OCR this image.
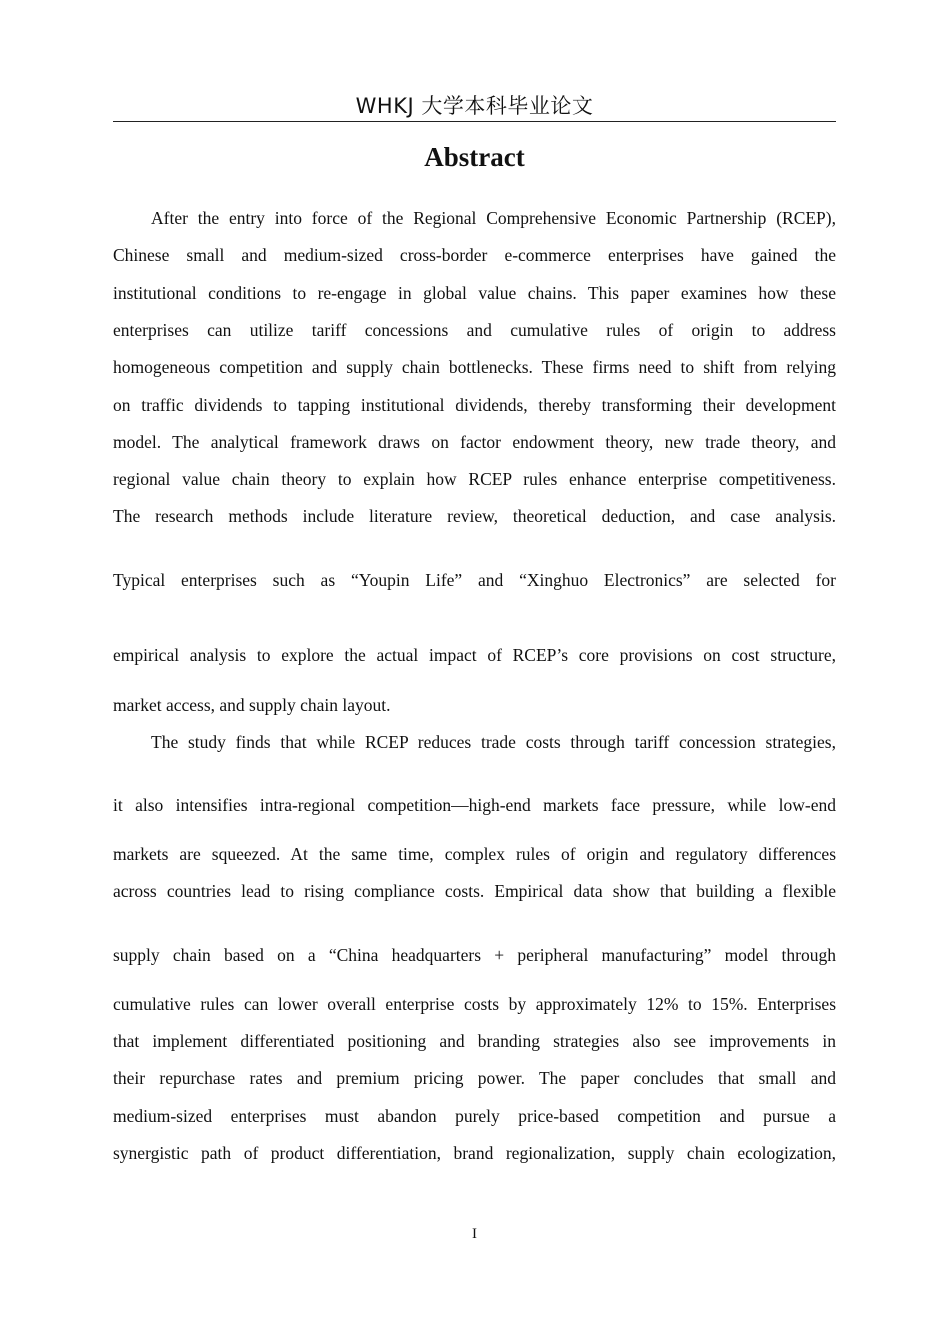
WHKJ 大学本科毕业论文
Abstract
After the entry into force of the Regional Comprehensive Economic Partnership (RCEP),
Chinese small and medium-sized cross-border e-commerce enterprises have gained the
institutional conditions to re-engage in global value chains. This paper examines how these
enterprises can utilize tariff concessions and cumulative rules of origin to address
homogeneous competition and supply chain bottlenecks. These firms need to shift from relying
on traffic dividends to tapping institutional dividends, thereby transforming their development
model. The analytical framework draws on factor endowment theory, new trade theory, and
regional value chain theory to explain how RCEP rules enhance enterprise competitiveness.
The research methods include literature review, theoretical deduction, and case analysis.
Typical enterprises such as “Youpin Life” and “Xinghuo Electronics” are selected for
empirical analysis to explore the actual impact of RCEP’s core provisions on cost structure,
market access, and supply chain layout.
The study finds that while RCEP reduces trade costs through tariff concession strategies,
it also intensifies intra-regional competition—high-end markets face pressure, while low-end
markets are squeezed. At the same time, complex rules of origin and regulatory differences
across countries lead to rising compliance costs. Empirical data show that building a flexible
supply chain based on a “China headquarters + peripheral manufacturing” model through
cumulative rules can lower overall enterprise costs by approximately 12% to 15%. Enterprises
that implement differentiated positioning and branding strategies also see improvements in
their repurchase rates and premium pricing power. The paper concludes that small and
medium-sized enterprises must abandon purely price-based competition and pursue a
synergistic path of product differentiation, brand regionalization, supply chain ecologization,
I
